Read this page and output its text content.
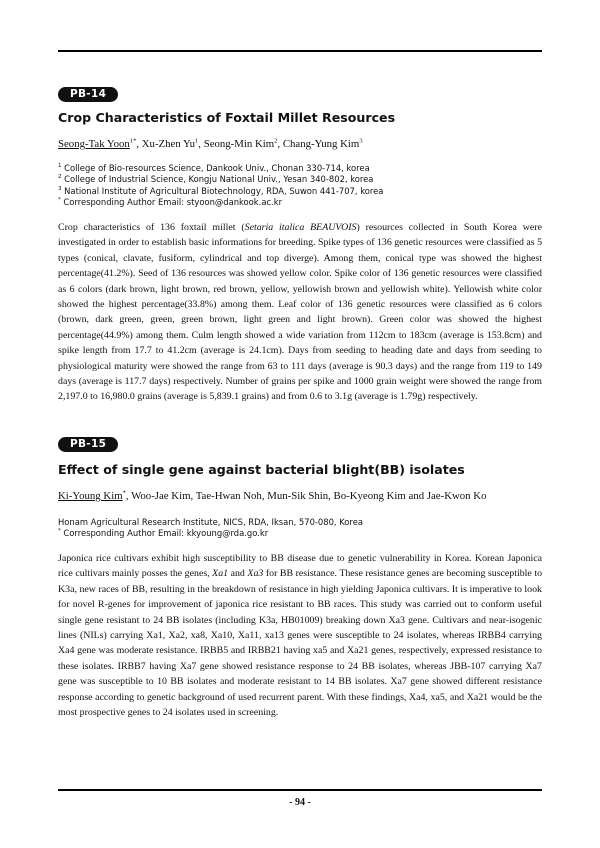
PB-14
Crop Characteristics of Foxtail Millet Resources
Seong-Tak Yoon$^{1*}$, Xu-Zhen Yu$^1$, Seong-Min Kim$^2$, Chang-Yung Kim$^3$
$^1$ College of Bio-resources Science, Dankook Univ., Chonan 330-714, korea
$^2$ College of Industrial Science, Kongju National Univ., Yesan 340-802, korea
$^3$ National Institute of Agricultural Biotechnology, RDA, Suwon 441-707, korea
* Corresponding Author Email: styoon@dankook.ac.kr

Crop characteristics of 136 foxtail millet (Setaria italica BEAUVOIS) resources collected in South Korea were investigated in order to establish basic informations for breeding. Spike types of 136 genetic resources were classified as 5 types (conical, clavate, fusiform, cylindrical and top diverge). Among them, conical type was showed the highest percentage(41.2%). Seed of 136 resources was showed yellow color. Spike color of 136 genetic resources were classified as 6 colors (dark brown, light brown, red brown, yellow, yellowish brown and yellowish white). Yellowish white color showed the highest percentage(33.8%) among them. Leaf color of 136 genetic resources were classified as 6 colors (brown, dark green, green, green brown, light green and light brown). Green color was showed the highest percentage(44.9%) among them. Culm length showed a wide variation from 112cm to 183cm (average is 153.8cm) and spike length from 17.7 to 41.2cm (average is 24.1cm). Days from seeding to heading date and days from seeding to physiological maturity were showed the range from 63 to 111 days (average is 90.3 days) and the range from 119 to 149 days (average is 117.7 days) respectively. Number of grains per spike and 1000 grain weight were showed the range from 2,197.0 to 16,980.0 grains (average is 5,839.1 grains) and from 0.6 to 3.1g (average is 1.79g) respectively.

PB-15
Effect of single gene against bacterial blight(BB) isolates
Ki-Young Kim*, Woo-Jae Kim, Tae-Hwan Noh, Mun-Sik Shin, Bo-Kyeong Kim and Jae-Kwon Ko
Honam Agricultural Research Institute, NICS, RDA, Iksan, 570-080, Korea
* Corresponding Author Email: kkyoung@rda.go.kr

Japonica rice cultivars exhibit high susceptibility to BB disease due to genetic vulnerability in Korea. Korean Japonica rice cultivars mainly posses the genes, Xa1 and Xa3 for BB resistance. These resistance genes are becoming susceptible to K3a, new races of BB, resulting in the breakdown of resistance in high yielding Japonica cultivars. It is imperative to look for novel R-genes for improvement of japonica rice resistant to BB races. This study was carried out to conform useful single gene resistant to 24 BB isolates (including K3a, HB01009) breaking down Xa3 gene. Cultivars and near-isogenic lines (NILs) carrying Xa1, Xa2, xa8, Xa10, Xa11, xa13 genes were susceptible to 24 isolates, whereas IRBB4 carrying Xa4 gene was moderate resistance. IRBB5 and IRBB21 having xa5 and Xa21 genes, respectively, expressed resistance to these isolates. IRBB7 having Xa7 gene showed resistance response to 24 BB isolates, whereas JBB-107 carrying Xa7 gene was susceptible to 10 BB isolates and moderate resistant to 14 BB isolates. Xa7 gene showed different resistance response according to genetic background of used recurrent parent. With these findings, Xa4, xa5, and Xa21 would be the most prospective genes to 24 isolates used in screening.

- 94 -
